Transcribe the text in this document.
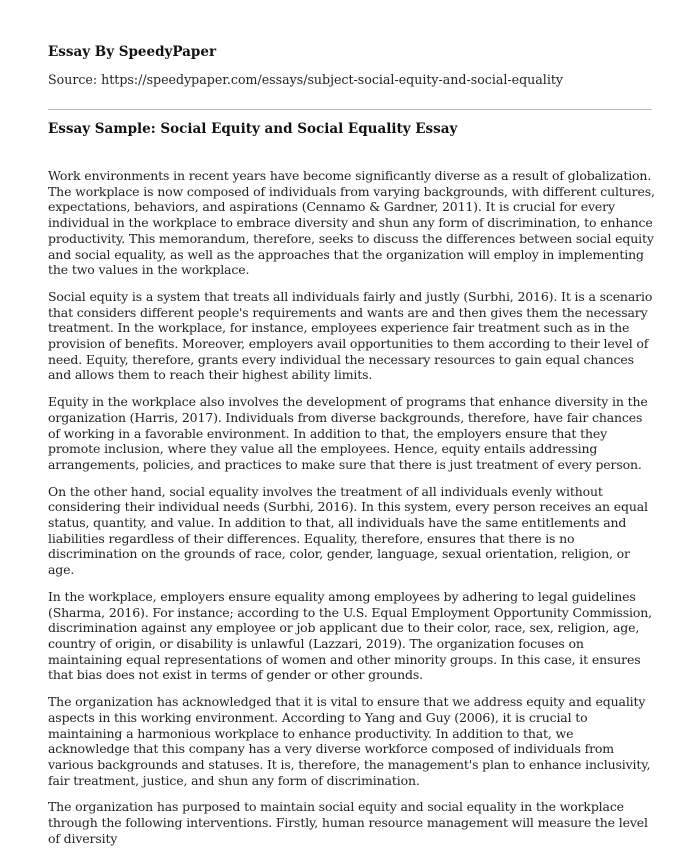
Essay By SpeedyPaper
Source: https://speedypaper.com/essays/subject-social-equity-and-social-equality
Essay Sample: Social Equity and Social Equality Essay

Work environments in recent years have become significantly diverse as a result of globalization. The workplace is now composed of individuals from varying backgrounds, with different cultures, expectations, behaviors, and aspirations (Cennamo & Gardner, 2011). It is crucial for every individual in the workplace to embrace diversity and shun any form of discrimination, to enhance productivity. This memorandum, therefore, seeks to discuss the differences between social equity and social equality, as well as the approaches that the organization will employ in implementing the two values in the workplace.

Social equity is a system that treats all individuals fairly and justly (Surbhi, 2016). It is a scenario that considers different people's requirements and wants are and then gives them the necessary treatment. In the workplace, for instance, employees experience fair treatment such as in the provision of benefits. Moreover, employers avail opportunities to them according to their level of need. Equity, therefore, grants every individual the necessary resources to gain equal chances and allows them to reach their highest ability limits.

Equity in the workplace also involves the development of programs that enhance diversity in the organization (Harris, 2017). Individuals from diverse backgrounds, therefore, have fair chances of working in a favorable environment. In addition to that, the employers ensure that they promote inclusion, where they value all the employees. Hence, equity entails addressing arrangements, policies, and practices to make sure that there is just treatment of every person.

On the other hand, social equality involves the treatment of all individuals evenly without considering their individual needs (Surbhi, 2016). In this system, every person receives an equal status, quantity, and value. In addition to that, all individuals have the same entitlements and liabilities regardless of their differences. Equality, therefore, ensures that there is no discrimination on the grounds of race, color, gender, language, sexual orientation, religion, or age.

In the workplace, employers ensure equality among employees by adhering to legal guidelines (Sharma, 2016). For instance; according to the U.S. Equal Employment Opportunity Commission, discrimination against any employee or job applicant due to their color, race, sex, religion, age, country of origin, or disability is unlawful (Lazzari, 2019). The organization focuses on maintaining equal representations of women and other minority groups. In this case, it ensures that bias does not exist in terms of gender or other grounds.

The organization has acknowledged that it is vital to ensure that we address equity and equality aspects in this working environment. According to Yang and Guy (2006), it is crucial to maintaining a harmonious workplace to enhance productivity. In addition to that, we acknowledge that this company has a very diverse workforce composed of individuals from various backgrounds and statuses. It is, therefore, the management's plan to enhance inclusivity, fair treatment, justice, and shun any form of discrimination.

The organization has purposed to maintain social equity and social equality in the workplace through the following interventions. Firstly, human resource management will measure the level of diversity
